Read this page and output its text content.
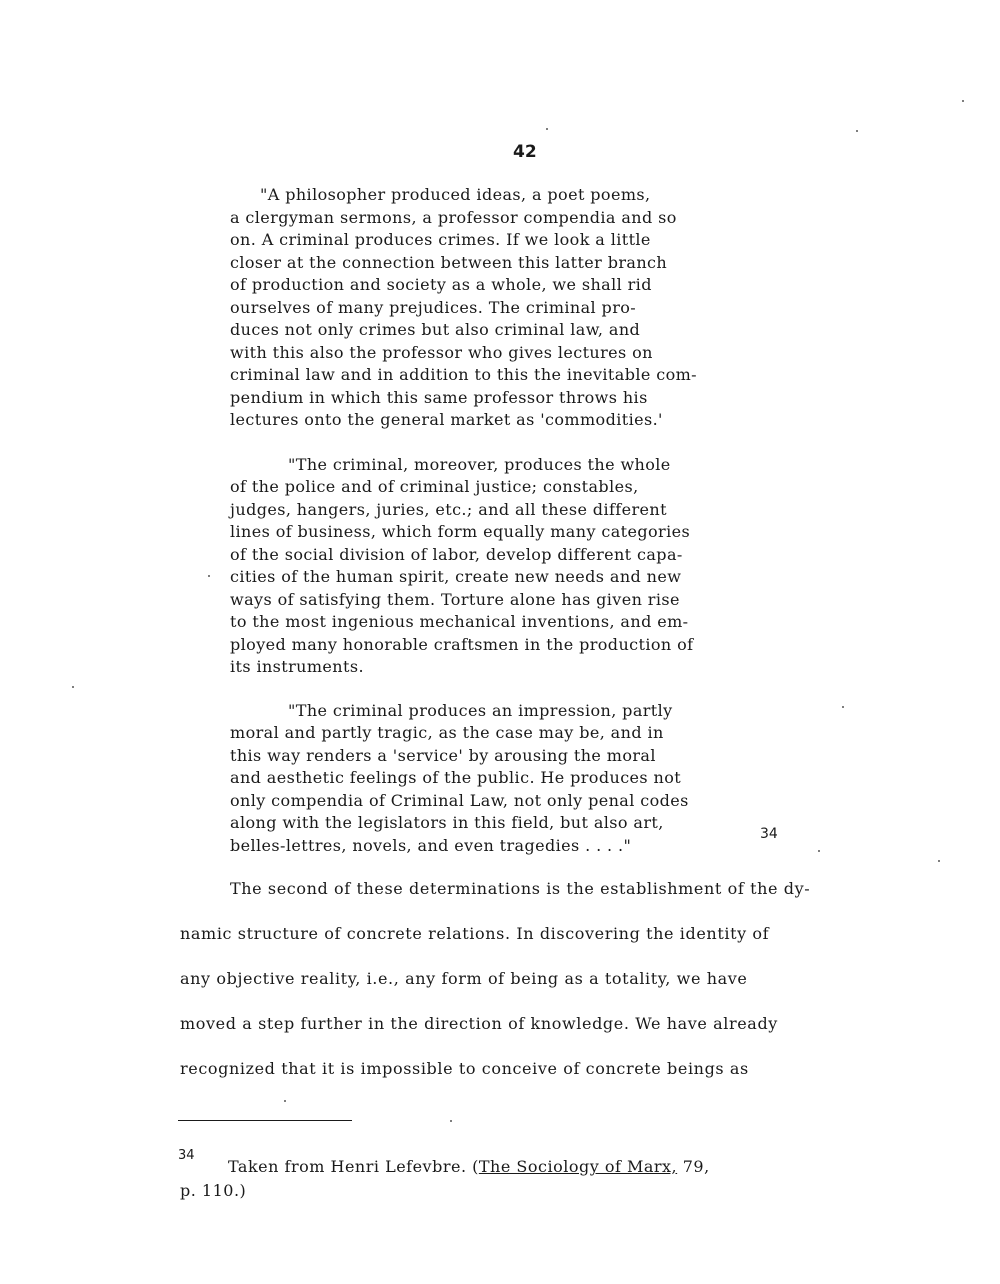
42
"A philosopher produced ideas, a poet poems,
a clergyman sermons, a professor compendia and so
on. A criminal produces crimes. If we look a little
closer at the connection between this latter branch
of production and society as a whole, we shall rid
ourselves of many prejudices. The criminal pro-
duces not only crimes but also criminal law, and
with this also the professor who gives lectures on
criminal law and in addition to this the inevitable com-
pendium in which this same professor throws his
lectures onto the general market as 'commodities.'
"The criminal, moreover, produces the whole
of the police and of criminal justice; constables,
judges, hangers, juries, etc.; and all these different
lines of business, which form equally many categories
of the social division of labor, develop different capa-
cities of the human spirit, create new needs and new
ways of satisfying them. Torture alone has given rise
to the most ingenious mechanical inventions, and em-
ployed many honorable craftsmen in the production of
its instruments.
"The criminal produces an impression, partly
moral and partly tragic, as the case may be, and in
this way renders a 'service' by arousing the moral
and aesthetic feelings of the public. He produces not
only compendia of Criminal Law, not only penal codes
along with the legislators in this field, but also art,
belles-lettres, novels, and even tragedies . . . ."
34
The second of these determinations is the establishment of the dy-
namic structure of concrete relations. In discovering the identity of
any objective reality, i.e., any form of being as a totality, we have
moved a step further in the direction of knowledge. We have already
recognized that it is impossible to conceive of concrete beings as
34
Taken from Henri Lefevbre. (The Sociology of Marx, 79,
p. 110.)
